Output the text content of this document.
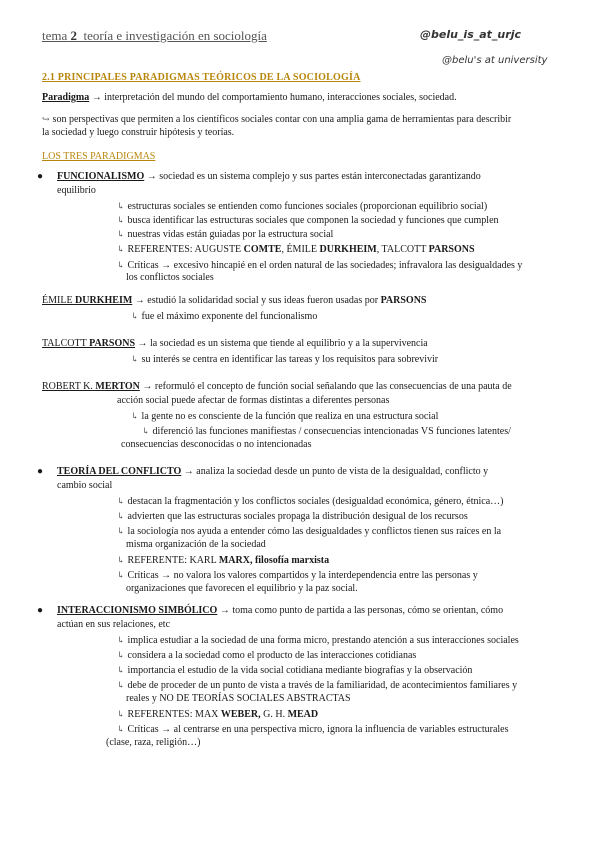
tema 2 teoría e investigación en sociología	@belu_is_at_urjc
@belu's at university
2.1 PRINCIPALES PARADIGMAS TEÓRICOS DE LA SOCIOLOGÍA
Paradigma → interpretación del mundo del comportamiento humano, interacciones sociales, sociedad.
↪ son perspectivas que permiten a los científicos sociales contar con una amplia gama de herramientas para describir
la sociedad y luego construir hipótesis y teorías.
LOS TRES PARADIGMAS
● FUNCIONALISMO → sociedad es un sistema complejo y sus partes están interconectadas garantizando
equilibrio
↳ estructuras sociales se entienden como funciones sociales (proporcionan equilibrio social)
↳ busca identificar las estructuras sociales que componen la sociedad y funciones que cumplen
↳ nuestras vidas están guiadas por la estructura social
↳ REFERENTES: AUGUSTE COMTE, ÉMILE DURKHEIM, TALCOTT PARSONS
↳ Críticas → excesivo hincapié en el orden natural de las sociedades; infravalora las desigualdades y
los conflictos sociales
ÉMILE DURKHEIM → estudió la solidaridad social y sus ideas fueron usadas por PARSONS
↳ fue el máximo exponente del funcionalismo
TALCOTT PARSONS → la sociedad es un sistema que tiende al equilibrio y a la supervivencia
↳ su interés se centra en identificar las tareas y los requisitos para sobrevivir
ROBERT K. MERTON → reformuló el concepto de función social señalando que las consecuencias de una pauta de
acción social puede afectar de formas distintas a diferentes personas
↳ la gente no es consciente de la función que realiza en una estructura social
↳ diferenció las funciones manifiestas / consecuencias intencionadas VS funciones latentes/
consecuencias desconocidas o no intencionadas
● TEORÍA DEL CONFLICTO → analiza la sociedad desde un punto de vista de la desigualdad, conflicto y
cambio social
↳ destacan la fragmentación y los conflictos sociales (desigualdad económica, género, étnica…)
↳ advierten que las estructuras sociales propaga la distribución desigual de los recursos
↳ la sociología nos ayuda a entender cómo las desigualdades y conflictos tienen sus raíces en la
misma organización de la sociedad
↳ REFERENTE: KARL MARX, filosofía marxista
↳ Críticas → no valora los valores compartidos y la interdependencia entre las personas y
organizaciones que favorecen el equilibrio y la paz social.
● INTERACCIONISMO SIMBÓLICO → toma como punto de partida a las personas, cómo se orientan, cómo
actúan en sus relaciones, etc
↳ implica estudiar a la sociedad de una forma micro, prestando atención a sus interacciones sociales
↳ considera a la sociedad como el producto de las interacciones cotidianas
↳ importancia el estudio de la vida social cotidiana mediante biografías y la observación
↳ debe de proceder de un punto de vista a través de la familiaridad, de acontecimientos familiares y
reales y NO DE TEORÍAS SOCIALES ABSTRACTAS
↳ REFERENTES: MAX WEBER, G. H. MEAD
↳ Críticas → al centrarse en una perspectiva micro, ignora la influencia de variables estructurales
(clase, raza, religión…)
